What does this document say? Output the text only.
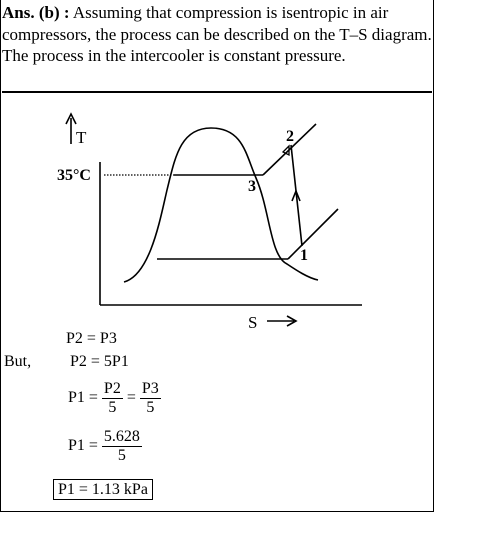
Ans. (b) : Assuming that compression is isentropic in air compressors, the process can be described on the T–S diagram.

The process in the intercooler is constant pressure.

T
S
35°C
2
3
1
P2 = P3
But, P2 = 5P1
$P1 = \frac{P2}{5} = \frac{P3}{5}$
$P1 = \frac{5.628}{5}$
P1 = 1.13 kPa
